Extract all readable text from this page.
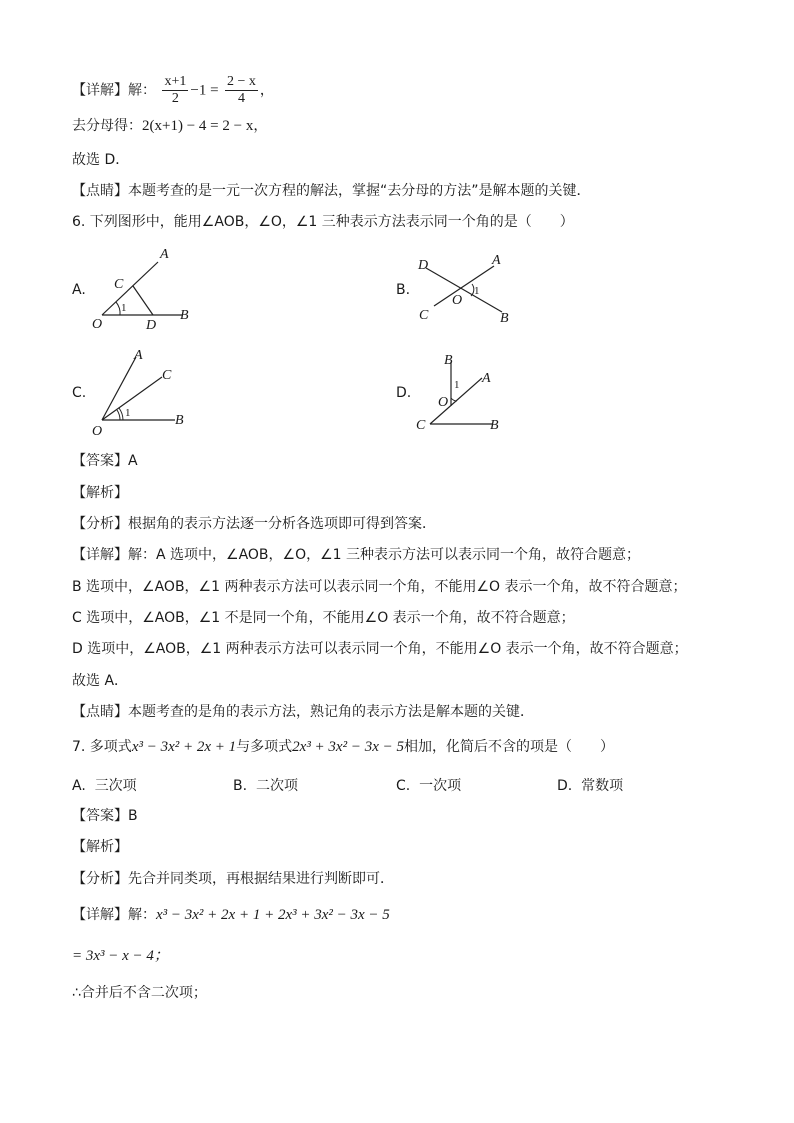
【详解】解： $\frac{x+1}{2} -1 = \frac{2 - x}{4}$ ，
去分母得：2(x+1) − 4 = 2 − x，
故选 D．
【点睛】本题考查的是一元一次方程的解法，掌握“去分母的方法”是解本题的关键．
6. 下列图形中，能用∠AOB，∠O，∠1 三种表示方法表示同一个角的是（　　）
A.
A
C
1
O	D
B
B.
D	A
O
1
C	B
C.
A
C
1
O
B
D.
B
1 A
O
C	B
【答案】A
【解析】
【分析】根据角的表示方法逐一分析各选项即可得到答案．
【详解】解：A 选项中，∠AOB，∠O，∠1 三种表示方法可以表示同一个角，故符合题意；
B 选项中，∠AOB，∠1 两种表示方法可以表示同一个角，不能用∠O 表示一个角，故不符合题意；
C 选项中，∠AOB，∠1 不是同一个角，不能用∠O 表示一个角，故不符合题意；
D 选项中，∠AOB，∠1 两种表示方法可以表示同一个角，不能用∠O 表示一个角，故不符合题意；
故选 A．
【点睛】本题考查的是角的表示方法，熟记角的表示方法是解本题的关键．
7. 多项式x³ − 3x² + 2x + 1与多项式2x³ + 3x² − 3x − 5相加，化简后不含的项是（　　）
A. 三次项	B. 二次项	C. 一次项	D. 常数项
【答案】B
【解析】
【分析】先合并同类项，再根据结果进行判断即可．
【详解】解：x³ − 3x² + 2x + 1 + 2x³ + 3x² − 3x − 5
= 3x³ − x − 4；
∴合并后不含二次项；
